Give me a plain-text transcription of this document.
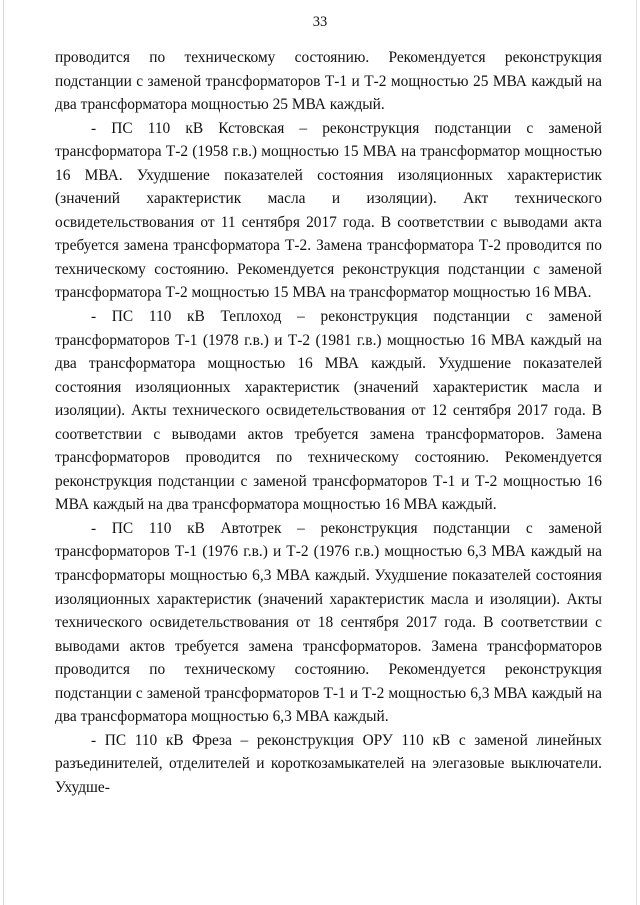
33

проводится по техническому состоянию. Рекомендуется реконструкция подстанции с заменой трансформаторов Т-1 и Т-2 мощностью 25 МВА каждый на два трансформатора мощностью 25 МВА каждый.

- ПС 110 кВ Кстовская – реконструкция подстанции с заменой трансформатора Т-2 (1958 г.в.) мощностью 15 МВА на трансформатор мощностью 16 МВА. Ухудшение показателей состояния изоляционных характеристик (значений характеристик масла и изоляции). Акт технического освидетельствования от 11 сентября 2017 года. В соответствии с выводами акта требуется замена трансформатора Т-2. Замена трансформатора Т-2 проводится по техническому состоянию. Рекомендуется реконструкция подстанции с заменой трансформатора Т-2 мощностью 15 МВА на трансформатор мощностью 16 МВА.

- ПС 110 кВ Теплоход – реконструкция подстанции с заменой трансформаторов Т-1 (1978 г.в.) и Т-2 (1981 г.в.) мощностью 16 МВА каждый на два трансформатора мощностью 16 МВА каждый. Ухудшение показателей состояния изоляционных характеристик (значений характеристик масла и изоляции). Акты технического освидетельствования от 12 сентября 2017 года. В соответствии с выводами актов требуется замена трансформаторов. Замена трансформаторов проводится по техническому состоянию. Рекомендуется реконструкция подстанции с заменой трансформаторов Т-1 и Т-2 мощностью 16 МВА каждый на два трансформатора мощностью 16 МВА каждый.

- ПС 110 кВ Автотрек – реконструкция подстанции с заменой трансформаторов Т-1 (1976 г.в.) и Т-2 (1976 г.в.) мощностью 6,3 МВА каждый на трансформаторы мощностью 6,3 МВА каждый. Ухудшение показателей состояния изоляционных характеристик (значений характеристик масла и изоляции). Акты технического освидетельствования от 18 сентября 2017 года. В соответствии с выводами актов требуется замена трансформаторов. Замена трансформаторов проводится по техническому состоянию. Рекомендуется реконструкция подстанции с заменой трансформаторов Т-1 и Т-2 мощностью 6,3 МВА каждый на два трансформатора мощностью 6,3 МВА каждый.

- ПС 110 кВ Фреза – реконструкция ОРУ 110 кВ с заменой линейных разъединителей, отделителей и короткозамыкателей на элегазовые выключатели. Ухудше-
